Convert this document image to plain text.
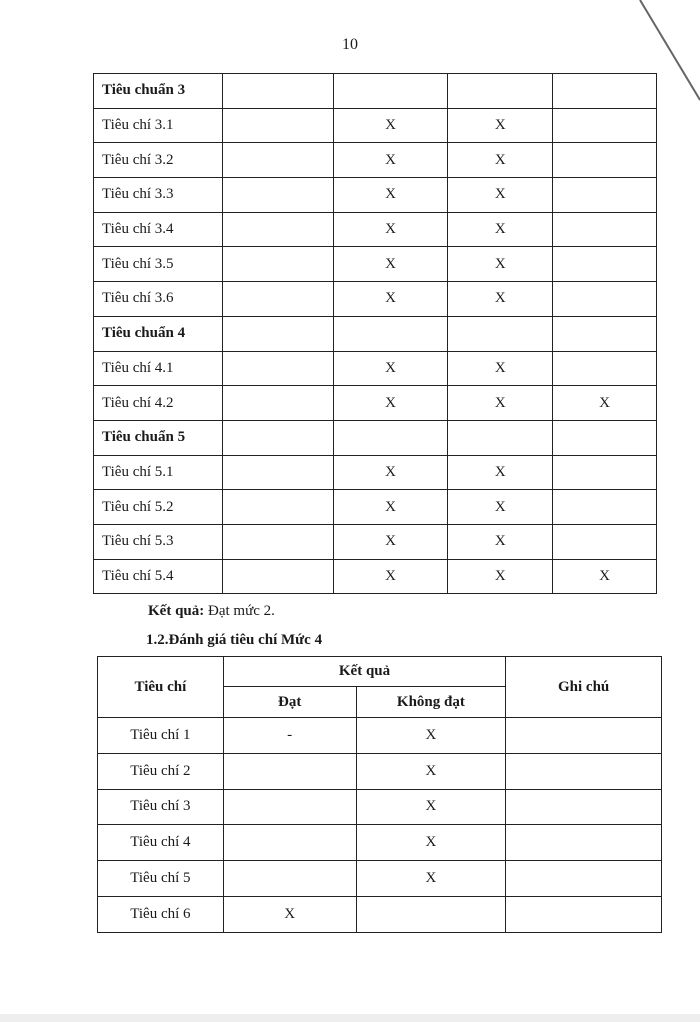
10
Tiêu chuẩn 3				
Tiêu chí 3.1		X	X	
Tiêu chí 3.2		X	X	
Tiêu chí 3.3		X	X	
Tiêu chí 3.4		X	X	
Tiêu chí 3.5		X	X	
Tiêu chí 3.6		X	X	
Tiêu chuẩn 4				
Tiêu chí 4.1		X	X	
Tiêu chí 4.2		X	X	X
Tiêu chuẩn 5				
Tiêu chí 5.1		X	X	
Tiêu chí 5.2		X	X	
Tiêu chí 5.3		X	X	
Tiêu chí 5.4		X	X	X
Kết quả: Đạt mức 2.
1.2.Đánh giá tiêu chí Mức 4
Tiêu chí	Kết quả		Ghi chú
	Đạt	Không đạt	
Tiêu chí 1	-	X	
Tiêu chí 2		X	
Tiêu chí 3		X	
Tiêu chí 4		X	
Tiêu chí 5		X	
Tiêu chí 6	X		
